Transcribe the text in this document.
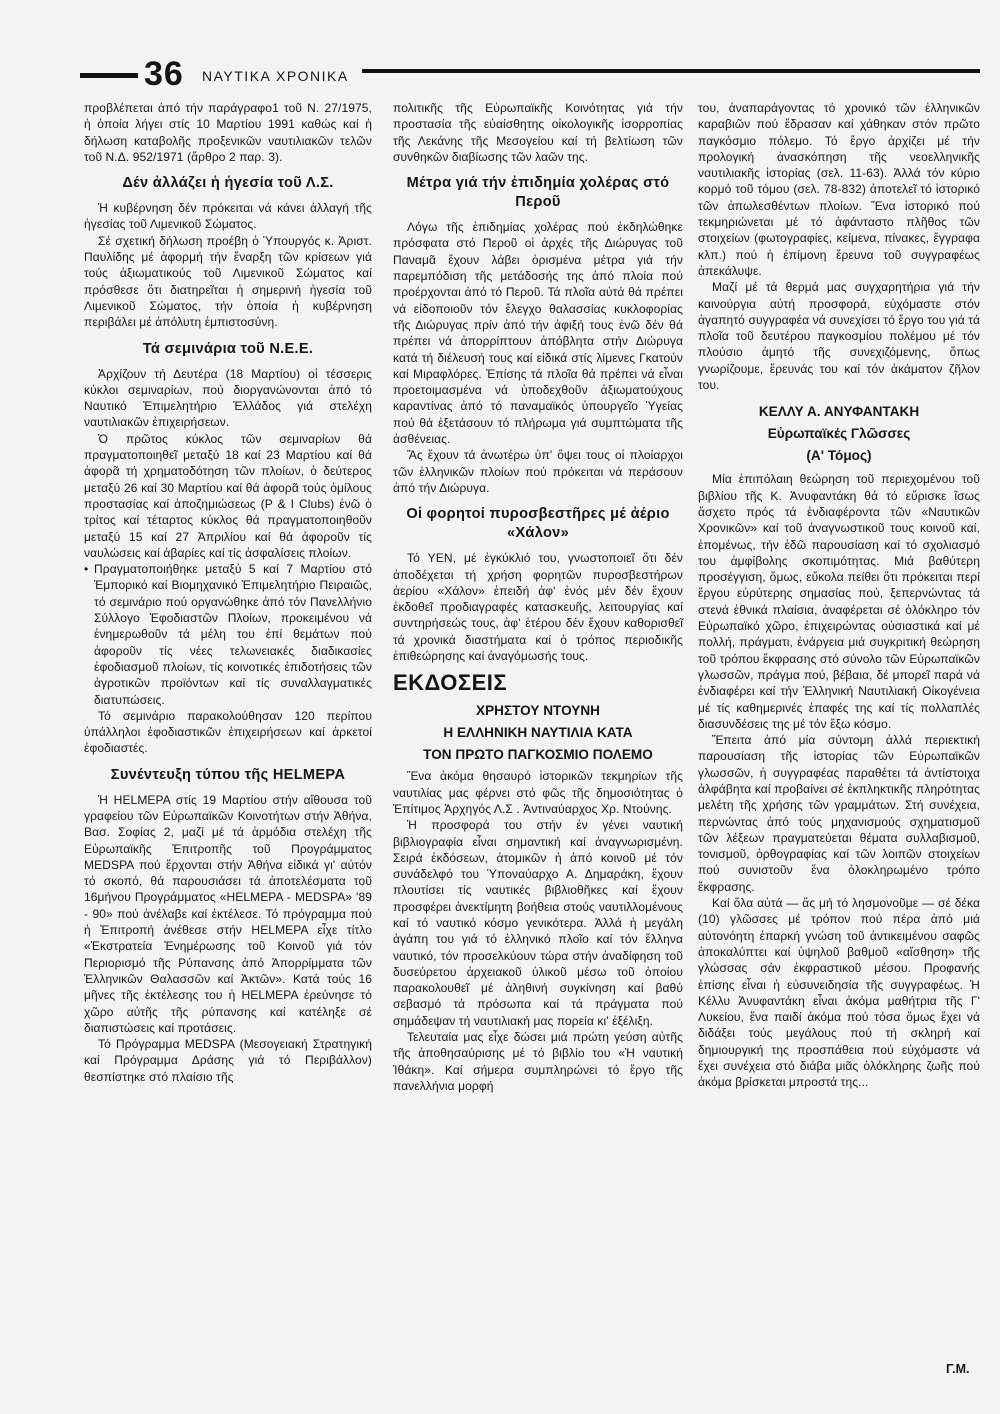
36 ΝΑΥΤΙΚΑ ΧΡΟΝΙΚΑ

προβλέπεται ἀπό τήν παράγραφο1 τοῦ Ν. 27/1975, ἡ ὁποία λήγει στίς 10 Μαρτίου 1991 καθώς καί ἡ δήλωση καταβολῆς προξενικῶν ναυτιλιακῶν τελῶν τοῦ Ν.Δ. 952/1971 (ἄρθρο 2 παρ. 3).

Δέν ἀλλάζει ἡ ἡγεσία τοῦ Λ.Σ.

Ἡ κυβέρνηση δέν πρόκειται νά κάνει ἀλλαγή τῆς ἡγεσίας τοῦ Λιμενικοῦ Σώματος.

Σέ σχετική δήλωση προέβη ὁ Ὑπουργός κ. Ἀριστ. Παυλίδης μέ ἀφορμή τήν ἔναρξη τῶν κρίσεων γιά τούς ἀξιωματικούς τοῦ Λιμενικοῦ Σώματος καί πρόσθεσε ὅτι διατηρεῖται ἡ σημερινή ἡγεσία τοῦ Λιμενικοῦ Σώματος, τήν ὁποία ἡ κυβέρνηση περιβάλει μέ ἀπόλυτη ἐμπιστοσύνη.

Τά σεμινάρια τοῦ Ν.Ε.Ε.

Ἀρχίζουν τή Δευτέρα (18 Μαρτίου) οἱ τέσσερις κύκλοι σεμιναρίων, πού διοργανώνονται ἀπό τό Ναυτικό Ἐπιμελητήριο Ἑλλάδος γιά στελέχη ναυτιλιακῶν ἐπιχειρήσεων.

Ὁ πρῶτος κύκλος τῶν σεμιναρίων θά πραγματοποιηθεῖ μεταξύ 18 καί 23 Μαρτίου καί θά ἀφορᾶ τή χρηματοδότηση τῶν πλοίων, ὁ δεύτερος μεταξύ 26 καί 30 Μαρτίου καί θά ἀφορᾶ τούς ὁμίλους προστασίας καί ἀποζημιώσεως (P & I Clubs) ἐνῶ ὁ τρίτος καί τέταρτος κύκλος θά πραγματοποιηθοῦν μεταξύ 15 καί 27 Ἀπριλίου καί θά ἀφοροῦν τίς ναυλώσεις καί ἀβαρίες καί τίς ἀσφαλίσεις πλοίων.

• Πραγματοποιήθηκε μεταξύ 5 καί 7 Μαρτίου στό Ἐμπορικό καί Βιομηχανικό Ἐπιμελητήριο Πειραιῶς, τό σεμινάριο πού οργανώθηκε ἀπό τόν Πανελλήνιο Σύλλογο Ἐφοδιαστῶν Πλοίων, προκειμένου νά ἐνημερωθοῦν τά μέλη του ἐπί θεμάτων πού ἀφοροῦν τίς νέες τελωνειακές διαδικασίες ἐφοδιασμοῦ πλοίων, τίς κοινοτικές ἐπιδοτήσεις τῶν ἀγροτικῶν προϊόντων καί τίς συναλλαγματικές διατυπώσεις.

Τό σεμινάριο παρακολούθησαν 120 περίπου ὑπάλληλοι ἐφοδιαστικῶν ἐπιχειρήσεων καί ἀρκετοί ἐφοδιαστές.

Συνέντευξη τύπου τῆς HELMEPA

Ἡ HELMEPA στίς 19 Μαρτίου στήν αἴθουσα τοῦ γραφείου τῶν Εὐρωπαϊκῶν Κοινοτήτων στήν Ἀθήνα, Βασ. Σοφίας 2, μαζί μέ τά ἁρμόδια στελέχη τῆς Εὐρωπαϊκῆς Ἐπιτροπῆς τοῦ Προγράμματος MEDSPA πού ἔρχονται στήν Ἀθήνα εἰδικά γι' αὐτόν τό σκοπό, θά παρουσιάσει τά ἀποτελέσματα τοῦ 16μήνου Προγράμματος «HELMEPA - MEDSPA» '89 - 90» πού ἀνέλαβε καί ἐκτέλεσε. Τό πρόγραμμα πού ἡ Ἐπιτροπή ἀνέθεσε στήν HELMEPA εἶχε τίτλο «Ἐκστρατεία Ἐνημέρωσης τοῦ Κοινοῦ γιά τόν Περιορισμό τῆς Ρύπανσης ἀπό Ἀπορρίμματα τῶν Ἑλληνικῶν Θαλασσῶν καί Ἀκτῶν». Κατά τούς 16 μῆνες τῆς ἐκτέλεσης του ἡ HELMEPA ἐρεύνησε τό χῶρο αὐτῆς τῆς ρύπανσης καί κατέληξε σέ διαπιστώσεις καί προτάσεις.

Τό Πρόγραμμα MEDSPA (Μεσογειακή Στρατηγική καί Πρόγραμμα Δράσης γιά τό Περιβάλλον) θεσπίστηκε στό πλαίσιο τῆς

πολιτικῆς τῆς Εὐρωπαϊκῆς Κοινότητας γιά τήν προστασία τῆς εὐαίσθητης οἰκολογικῆς ἰσορροπίας τῆς Λεκάνης τῆς Μεσογείου καί τή βελτίωση τῶν συνθηκῶν διαβίωσης τῶν λαῶν της.

Μέτρα γιά τήν ἐπιδημία χολέρας στό Περοῦ

Λόγω τῆς ἐπιδημίας χολέρας πού ἐκδηλώθηκε πρόσφατα στό Περοῦ οἱ ἀρχές τῆς Διώρυγας τοῦ Παναμᾶ ἔχουν λάβει ὁρισμένα μέτρα γιά τήν παρεμπόδιση τῆς μετάδοσής της ἀπό πλοία πού προέρχονται ἀπό τό Περοῦ. Τά πλοῖα αὐτά θά πρέπει νά εἰδοποιοῦν τόν ἔλεγχο θαλασσίας κυκλοφορίας τῆς Διώρυγας πρίν ἀπό τήν ἀφιξή τους ἐνῶ δέν θά πρέπει νά ἀπορρίπτουν ἀπόβλητα στήν Διώρυγα κατά τή διέλευσή τους καί εἰδικά στίς λίμενες Γκατούν καί Μιραφλόρες. Ἐπίσης τά πλοῖα θά πρέπει νά εἶναι προετοιμασμένα νά ὑποδεχθοῦν ἀξιωματούχους καραντίνας ἀπό τό παναμαϊκός ὑπουργεῖο Ὑγείας πού θά ἐξετάσουν τό πλήρωμα γιά συμπτώματα τῆς ἀσθένειας.

Ἄς ἔχουν τά ἀνωτέρω ὑπ' ὄψει τους οἱ πλοίαρχοι τῶν ἑλληνικῶν πλοίων πού πρόκειται νά περάσουν ἀπό τήν Διώρυγα.

Οἱ φορητοί πυροσβεστῆρες μέ ἀέριο «Χάλον»

Τό ΥΕΝ, μέ ἐγκύκλιό του, γνωστοποιεῖ ὅτι δέν ἀποδέχεται τή χρήση φορητῶν πυροσβεστήρων ἀερίου «Χάλον» ἐπειδή ἀφ' ἑνός μέν δέν ἔχουν ἐκδοθεῖ προδιαγραφές κατασκευῆς, λειτουργίας καί συντηρήσεώς τους, ἀφ' ἑτέρου δέν ἔχουν καθορισθεῖ τά χρονικά διαστήματα καί ὁ τρόπος περιοδικῆς ἐπιθεώρησης καί ἀναγόμωσής τους.

ΕΚΔΟΣΕΙΣ
ΧΡΗΣΤΟΥ ΝΤΟΥΝΗ
Η ΕΛΛΗΝΙΚΗ ΝΑΥΤΙΛΙΑ ΚΑΤΑ
ΤΟΝ ΠΡΩΤΟ ΠΑΓΚΟΣΜΙΟ ΠΟΛΕΜΟ

Ἕνα ἀκόμα θησαυρό ἱστορικῶν τεκμηρίων τῆς ναυτιλίας μας φέρνει στό φῶς τῆς δημοσιότητας ὁ Ἐπίτιμος Ἀρχηγός Λ.Σ . Ἀντιναύαρχος Χρ. Ντούνης.

Ἡ προσφορά του στήν ἐν γένει ναυτική βιβλιογραφία εἶναι σημαντική καί ἀναγνωρισμένη. Σειρά ἐκδόσεων, ἀτομικῶν ἡ ἀπό κοινοῦ μέ τόν συνάδελφό του Ὑποναύαρχο Α. Δημαράκη, ἔχουν πλουτίσει τίς ναυτικές βιβλιοθῆκες καί ἔχουν προσφέρει ἀνεκτίμητη βοήθεια στούς ναυτιλλομένους καί τό ναυτικό κόσμο γενικότερα. Ἀλλά ἡ μεγάλη ἀγάπη του γιά τό ἑλληνικό πλοῖο καί τόν ἕλληνα ναυτικό, τόν προσελκύουν τώρα στήν ἀναδίφηση τοῦ δυσεύρετου ἀρχειακοῦ ὑλικοῦ μέσω τοῦ ὁποίου παρακολουθεῖ μέ ἀληθινή συγκίνηση καί βαθύ σεβασμό τά πρόσωπα καί τά πράγματα πού σημάδεψαν τή ναυτιλιακή μας πορεία κι' ἐξέλιξη.

Τελευταία μας εἶχε δώσει μιά πρώτη γεύση αὐτῆς τῆς ἀποθησαύρισης μέ τό βιβλίο του «Ἡ ναυτική Ἰθάκη». Καί σήμερα συμπληρώνει τό ἔργο τῆς πανελλήνια μορφή

του, ἀναπαράγοντας τό χρονικό τῶν ἑλληνικῶν καραβιῶν πού ἔδρασαν καί χάθηκαν στόν πρῶτο παγκόσμιο πόλεμο. Τό ἔργο ἀρχίζει μέ τήν προλογική ἀνασκόπηση τῆς νεοελληνικῆς ναυτιλιακῆς ἱστορίας (σελ. 11-63). Ἀλλά τόν κύριο κορμό τοῦ τόμου (σελ. 78-832) ἀποτελεῖ τό ἱστορικό τῶν ἀπωλεσθέντων πλοίων. Ἕνα ἱστορικό πού τεκμηριώνεται μέ τό ἀφάνταστο πλῆθος τῶν στοιχείων (φωτογραφίες, κείμενα, πίνακες, ἔγγραφα κλπ.) πού ἡ ἐπίμονη ἔρευνα τοῦ συγγραφέως ἀπεκάλυψε.

Μαζί μέ τά θερμά μας συγχαρητήρια γιά τήν καινούργια αὐτή προσφορά, εὐχόμαστε στόν ἀγαπητό συγγραφέα νά συνεχίσει τό ἔργο του γιά τά πλοῖα τοῦ δευτέρου παγκοσμίου πολέμου μέ τόν πλούσιο ἀμητό τῆς συνεχιζόμενης, ὅπως γνωρίζουμε, ἔρευνάς του καί τόν ἀκάματον ζῆλον του.

ΚΕΛΛΥ Α. ΑΝΥΦΑΝΤΑΚΗ
Εὐρωπαϊκές Γλῶσσες
(Α' Τόμος)

Μία ἐπιπόλαιη θεώρηση τοῦ περιεχομένου τοῦ βιβλίου τῆς Κ. Ἀνυφαντάκη θά τό εὕρισκε ἴσως ἄσχετο πρός τά ἐνδιαφέροντα τῶν «Ναυτικῶν Χρονικῶν» καί τοῦ ἀναγνωστικοῦ τους κοινοῦ καί, ἑπομένως, τήν ἐδῶ παρουσίαση καί τό σχολιασμό του ἀμφίβολης σκοπιμότητας. Μιά βαθύτερη προσέγγιση, ὅμως, εὔκολα πείθει ὅτι πρόκειται περί ἔργου εὐρύτερης σημασίας πού, ξεπερνώντας τά στενά ἐθνικά πλαίσια, ἀναφέρεται σέ ὁλόκληρο τόν Εὐρωπαϊκό χῶρο, ἐπιχειρώντας οὐσιαστικά καί μέ πολλή, πράγματι, ἐνάργεια μιά συγκριτική θεώρηση τοῦ τρόπου ἔκφρασης στό σύνολο τῶν Εὐρωπαϊκῶν γλωσσῶν, πράγμα πού, βέβαια, δέ μπορεῖ παρά νά ἐνδιαφέρει καί τήν Ἑλληνική Ναυτιλιακή Οἰκογένεια μέ τίς καθημερινές ἐπαφές της καί τίς πολλαπλές διασυνδέσεις της μέ τόν ἔξω κόσμο.

Ἔπειτα ἀπό μία σύντομη ἀλλά περιεκτική παρουσίαση τῆς ἱστορίας τῶν Εὐρωπαϊκῶν γλωσσῶν, ἡ συγγραφέας παραθέτει τά ἀντίστοιχα ἀλφάβητα καί προβαίνει σέ ἐκπληκτικῆς πληρότητας μελέτη τῆς χρήσης τῶν γραμμάτων. Στή συνέχεια, περνώντας ἀπό τούς μηχανισμούς σχηματισμοῦ τῶν λέξεων πραγματεύεται θέματα συλλαβισμοῦ, τονισμοῦ, ὀρθογραφίας καί τῶν λοιπῶν στοιχείων πού συνιστοῦν ἕνα ὁλοκληρωμένο τρόπο ἔκφρασης.

Καί ὅλα αὐτά — ἄς μή τό λησμονοῦμε — σέ δέκα (10) γλῶσσες μέ τρόπον πού πέρα ἀπό μιά αὐτονόητη ἐπαρκή γνώση τοῦ ἀντικειμένου σαφῶς ἀποκαλύπτει καί ὑψηλοῦ βαθμοῦ «αἴσθηση» τῆς γλώσσας σάν ἐκφραστικοῦ μέσου. Προφανής ἐπίσης εἶναι ἡ εὐσυνειδησία τῆς συγγραφέως. Ἡ Κέλλυ Ἀνυφαντάκη εἶναι ἀκόμα μαθήτρια τῆς Γ' Λυκείου, ἕνα παιδί ἀκόμα πού τόσα ὅμως ἔχει νά διδάξει τούς μεγάλους πού τή σκληρή καί δημιουργική της προσπάθεια πού εὐχόμαστε νά ἔχει συνέχεια στό διάβα μιᾶς ὁλόκληρης ζωῆς πού ἀκόμα βρίσκεται μπροστά της...

Γ.Μ.
